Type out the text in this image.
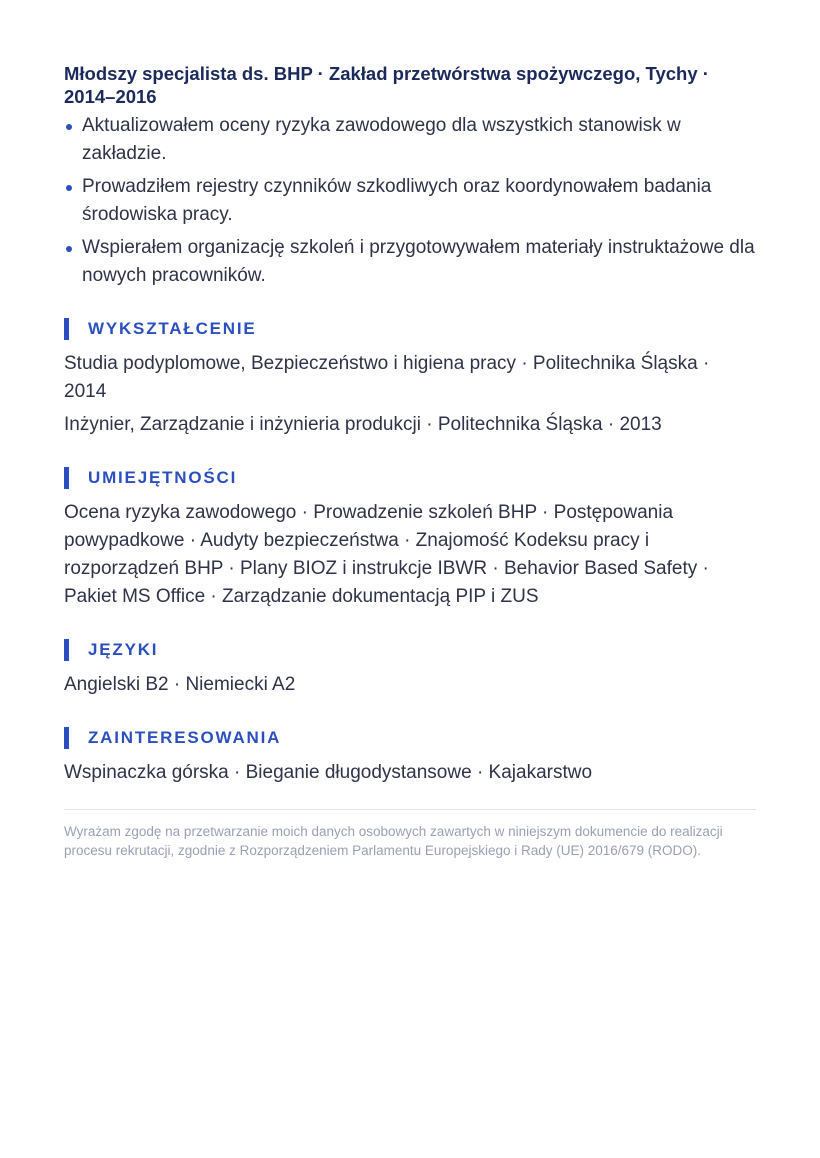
Młodszy specjalista ds. BHP · Zakład przetwórstwa spożywczego, Tychy · 2014–2016
Aktualizowałem oceny ryzyka zawodowego dla wszystkich stanowisk w zakładzie.
Prowadziłem rejestry czynników szkodliwych oraz koordynowałem badania środowiska pracy.
Wspierałem organizację szkoleń i przygotowywałem materiały instruktażowe dla nowych pracowników.
WYKSZTAŁCENIE

Studia podyplomowe, Bezpieczeństwo i higiena pracy · Politechnika Śląska · 2014

Inżynier, Zarządzanie i inżynieria produkcji · Politechnika Śląska · 2013

UMIEJĘTNOŚCI

Ocena ryzyka zawodowego · Prowadzenie szkoleń BHP · Postępowania powypadkowe · Audyty bezpieczeństwa · Znajomość Kodeksu pracy i rozporządzeń BHP · Plany BIOZ i instrukcje IBWR · Behavior Based Safety · Pakiet MS Office · Zarządzanie dokumentacją PIP i ZUS

JĘZYKI

Angielski B2 · Niemiecki A2

ZAINTERESOWANIA

Wspinaczka górska · Bieganie długodystansowe · Kajakarstwo

Wyrażam zgodę na przetwarzanie moich danych osobowych zawartych w niniejszym dokumencie do realizacji procesu rekrutacji, zgodnie z Rozporządzeniem Parlamentu Europejskiego i Rady (UE) 2016/679 (RODO).
